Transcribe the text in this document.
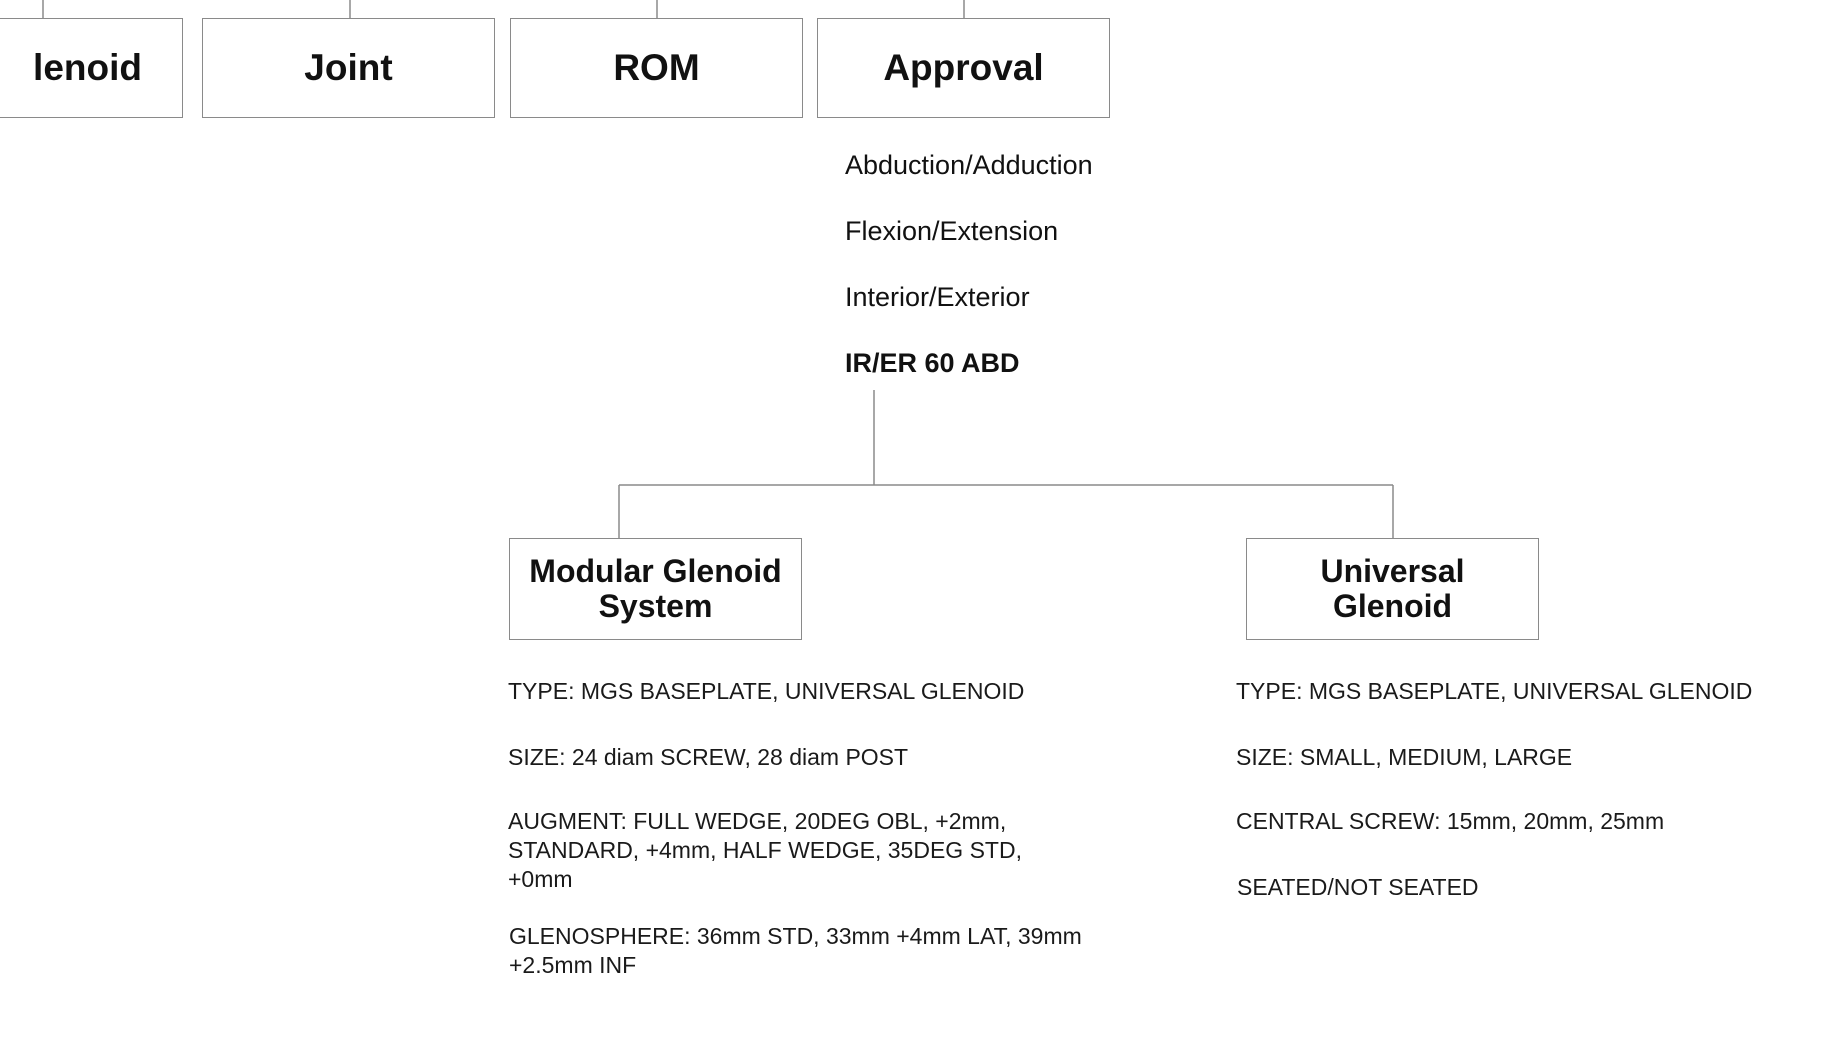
lenoid	Joint	ROM	Approval
Abduction/Adduction
Flexion/Extension
Interior/Exterior
IR/ER 60 ABD
Modular Glenoid
System
Universal
Glenoid
TYPE: MGS BASEPLATE, UNIVERSAL GLENOID
SIZE: 24 diam SCREW, 28 diam POST
AUGMENT: FULL WEDGE, 20DEG OBL, +2mm,
STANDARD, +4mm, HALF WEDGE, 35DEG STD,
+0mm
GLENOSPHERE: 36mm STD, 33mm +4mm LAT, 39mm
+2.5mm INF
TYPE: MGS BASEPLATE, UNIVERSAL GLENOID
SIZE: SMALL, MEDIUM, LARGE
CENTRAL SCREW: 15mm, 20mm, 25mm
SEATED/NOT SEATED
